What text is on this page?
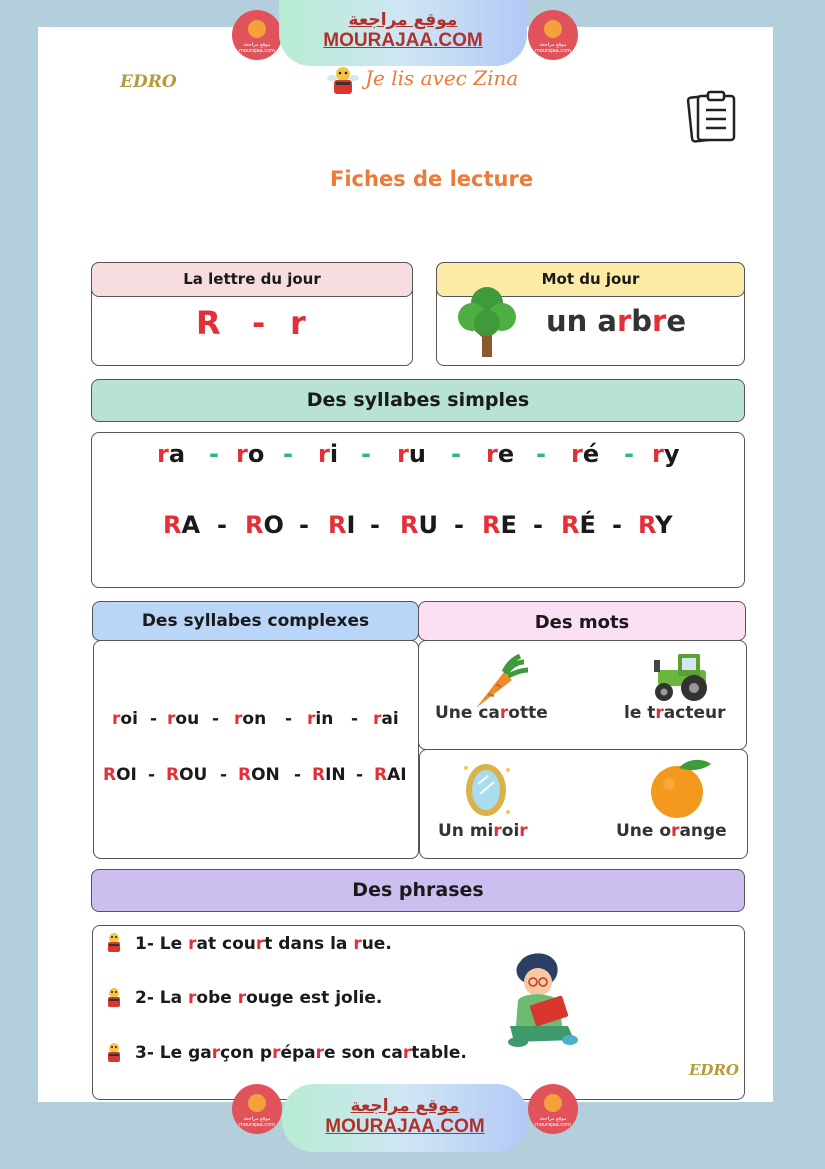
موقع مراجعة mourajaa.com
موقع مراجعة mourajaa.com
موقع مراجعة
MOURAJAA.COM
EDRO	Je lis avec Zina
Fiches de lecture
La lettre du jour
R - r
Mot du jour
un arbre
Des syllabes simples
ra - ro - ri - ru - re - ré - ry
RA - RO - RI - RU - RE - RÉ - RY
Des syllabes complexes
roi - rou - ron - rin - rai
ROI - ROU - RON - RIN - RAI
Des mots
Une carotte	le tracteur
Un miroir	Une orange
Des phrases
1- Le rat court dans la rue.
2- La robe rouge est jolie.
3- Le garçon prépare son cartable.
EDRO
موقع مراجعة mourajaa.com
موقع مراجعة mourajaa.com
موقع مراجعة
MOURAJAA.COM
